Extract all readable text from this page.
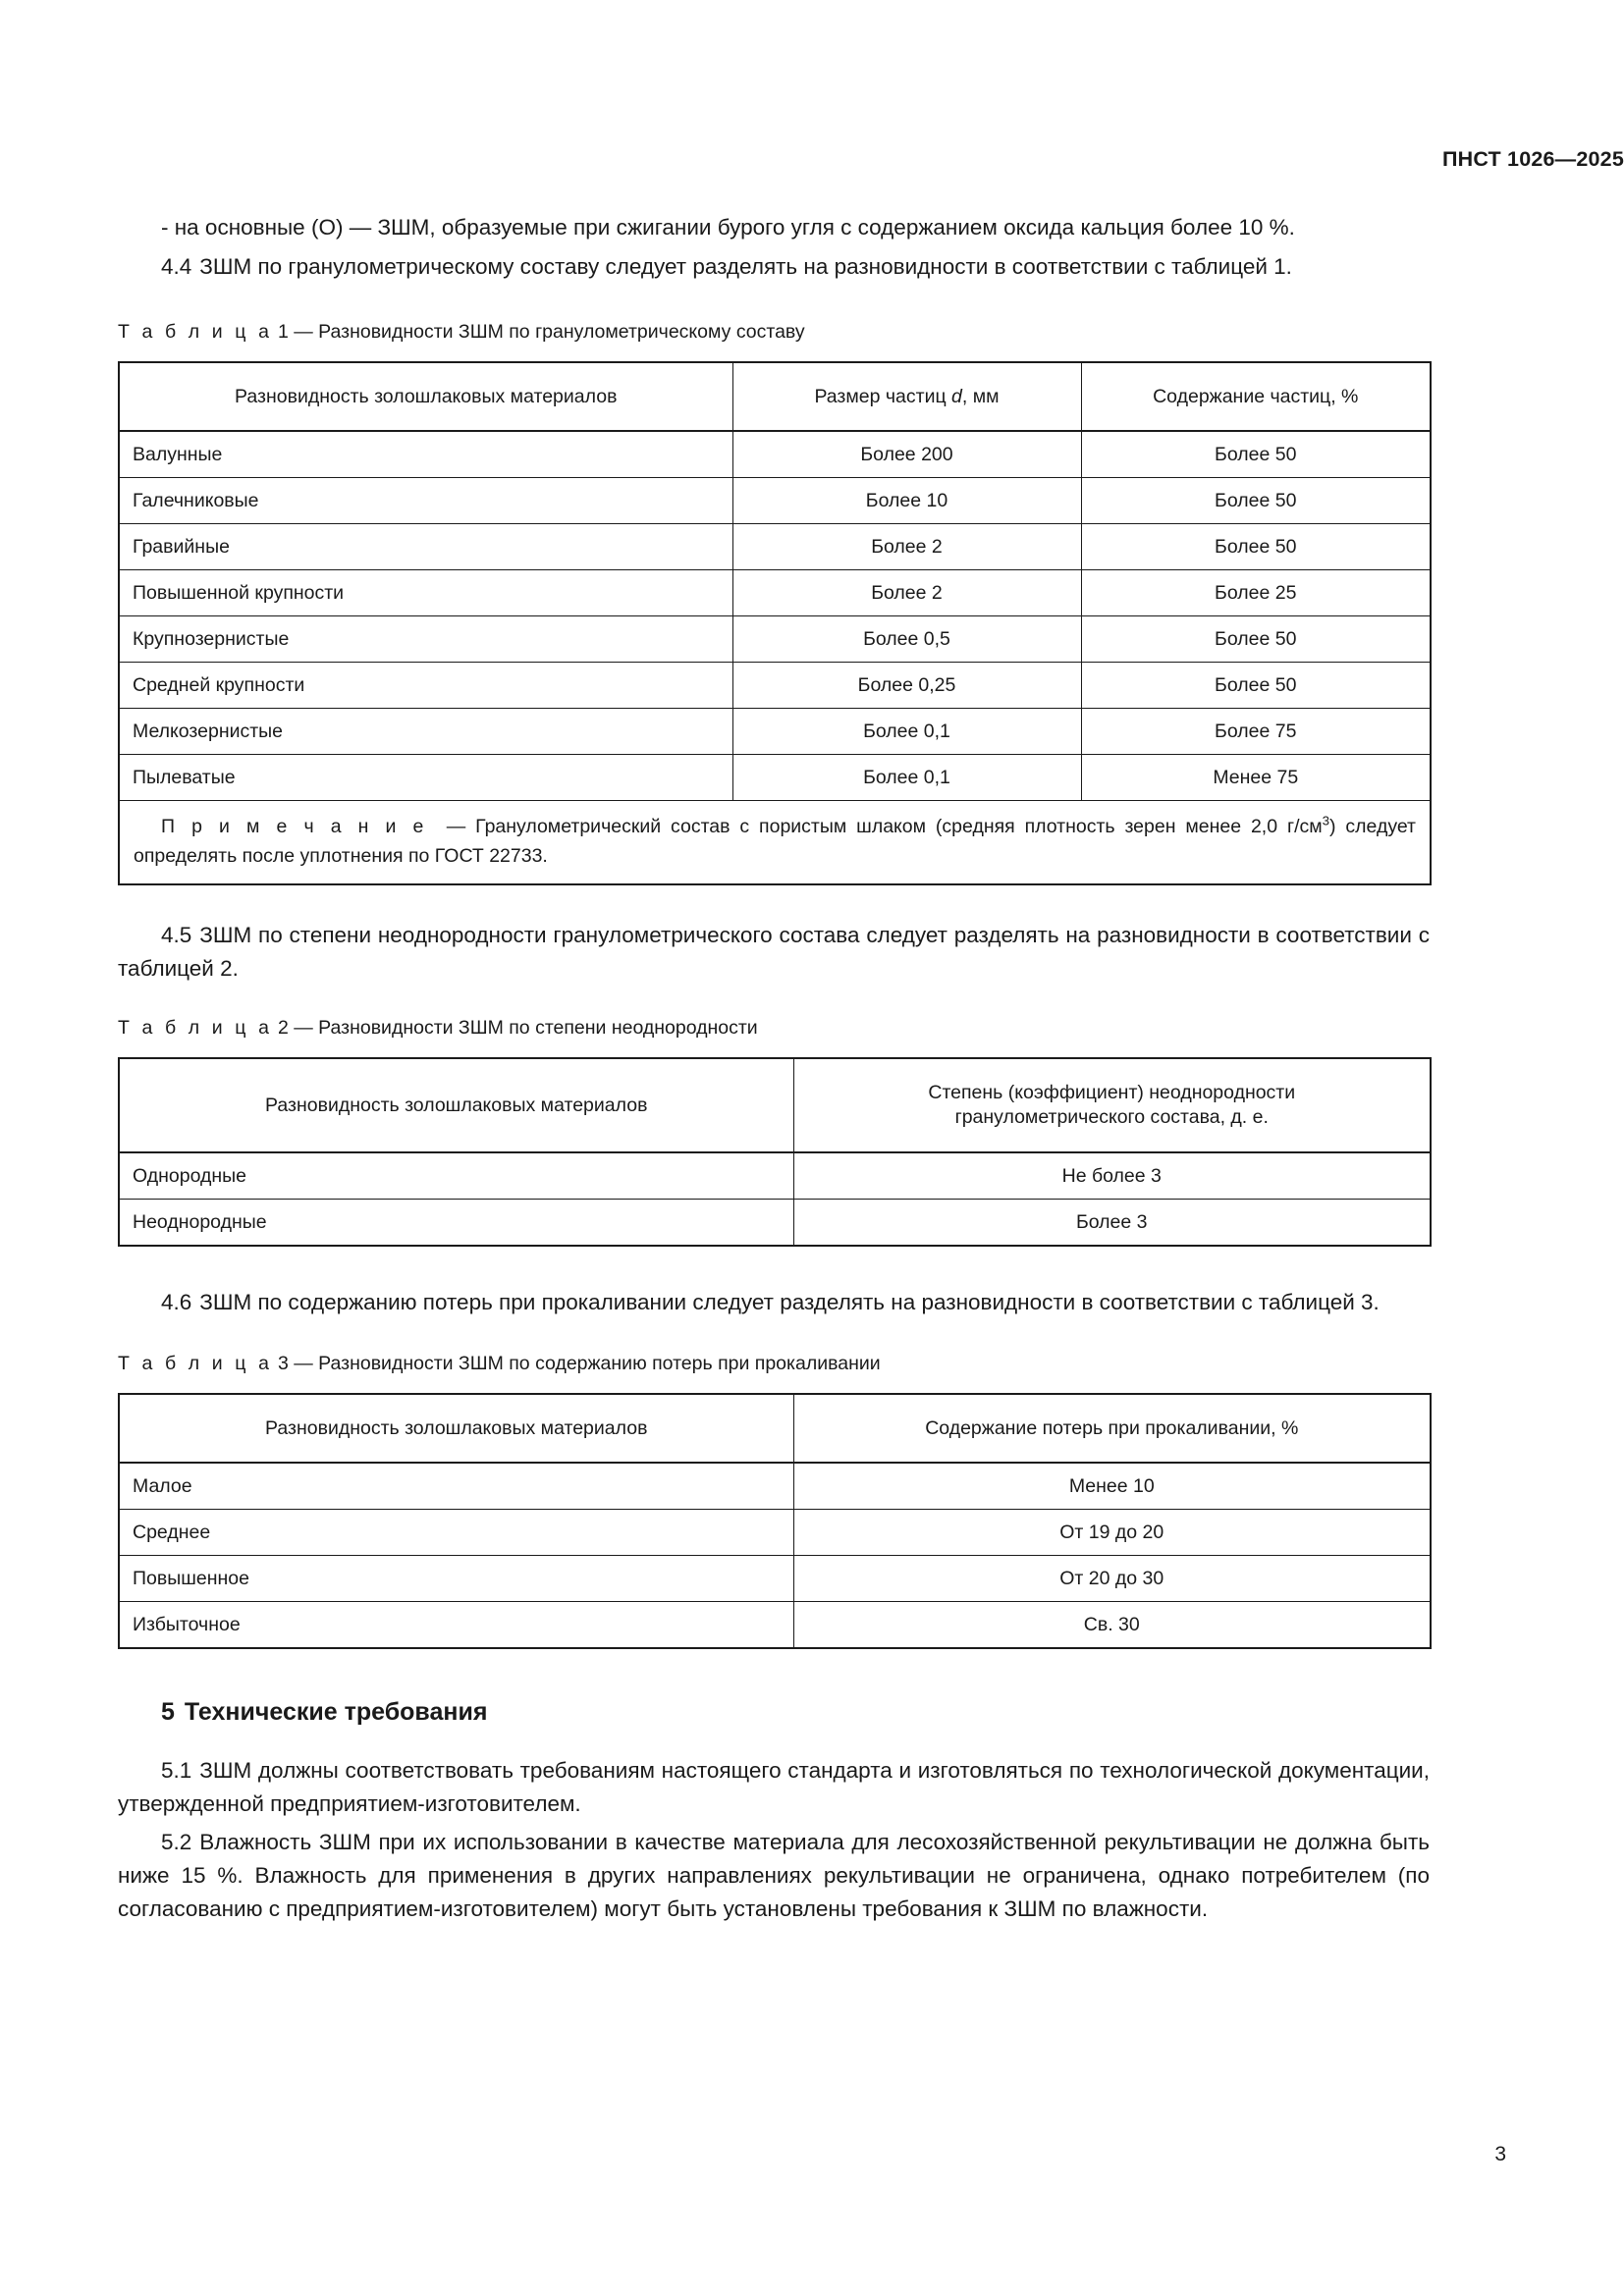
ПНСТ 1026—2025

- на основные (О) — ЗШМ, образуемые при сжигании бурого угля с содержанием оксида кальция более 10 %.

4.4 ЗШМ по гранулометрическому составу следует разделять на разновидности в соответствии с таблицей 1.

Т а б л и ц а 1 — Разновидности ЗШМ по гранулометрическому составу

Разновидность золошлаковых материалов	Размер частиц d, мм	Содержание частиц, %
Валунные	Более 200	Более 50
Галечниковые	Более 10	Более 50
Гравийные	Более 2	Более 50
Повышенной крупности	Более 2	Более 25
Крупнозернистые	Более 0,5	Более 50
Средней крупности	Более 0,25	Более 50
Мелкозернистые	Более 0,1	Более 75
Пылеватые	Более 0,1	Менее 75
П р и м е ч а н и е — Гранулометрический состав с пористым шлаком (средняя плотность зерен менее 2,0 $г/см^3$) следует определять после уплотнения по ГОСТ 22733.		

4.5 ЗШМ по степени неоднородности гранулометрического состава следует разделять на разновидности в соответствии с таблицей 2.

Т а б л и ц а 2 — Разновидности ЗШМ по степени неоднородности

Разновидность золошлаковых материалов	Степень (коэффициент) неоднородности
гранулометрического состава, д. е.
Однородные	Не более 3
Неоднородные	Более 3

4.6 ЗШМ по содержанию потерь при прокаливании следует разделять на разновидности в соответствии с таблицей 3.

Т а б л и ц а 3 — Разновидности ЗШМ по содержанию потерь при прокаливании

Разновидность золошлаковых материалов	Содержание потерь при прокаливании, %
Малое	Менее 10
Среднее	От 19 до 20
Повышенное	От 20 до 30
Избыточное	Св. 30
5 Технические требования

5.1 ЗШМ должны соответствовать требованиям настоящего стандарта и изготовляться по технологической документации, утвержденной предприятием-изготовителем.

5.2 Влажность ЗШМ при их использовании в качестве материала для лесохозяйственной рекультивации не должна быть ниже 15 %. Влажность для применения в других направлениях рекультивации не ограничена, однако потребителем (по согласованию с предприятием-изготовителем) могут быть установлены требования к ЗШМ по влажности.

3
